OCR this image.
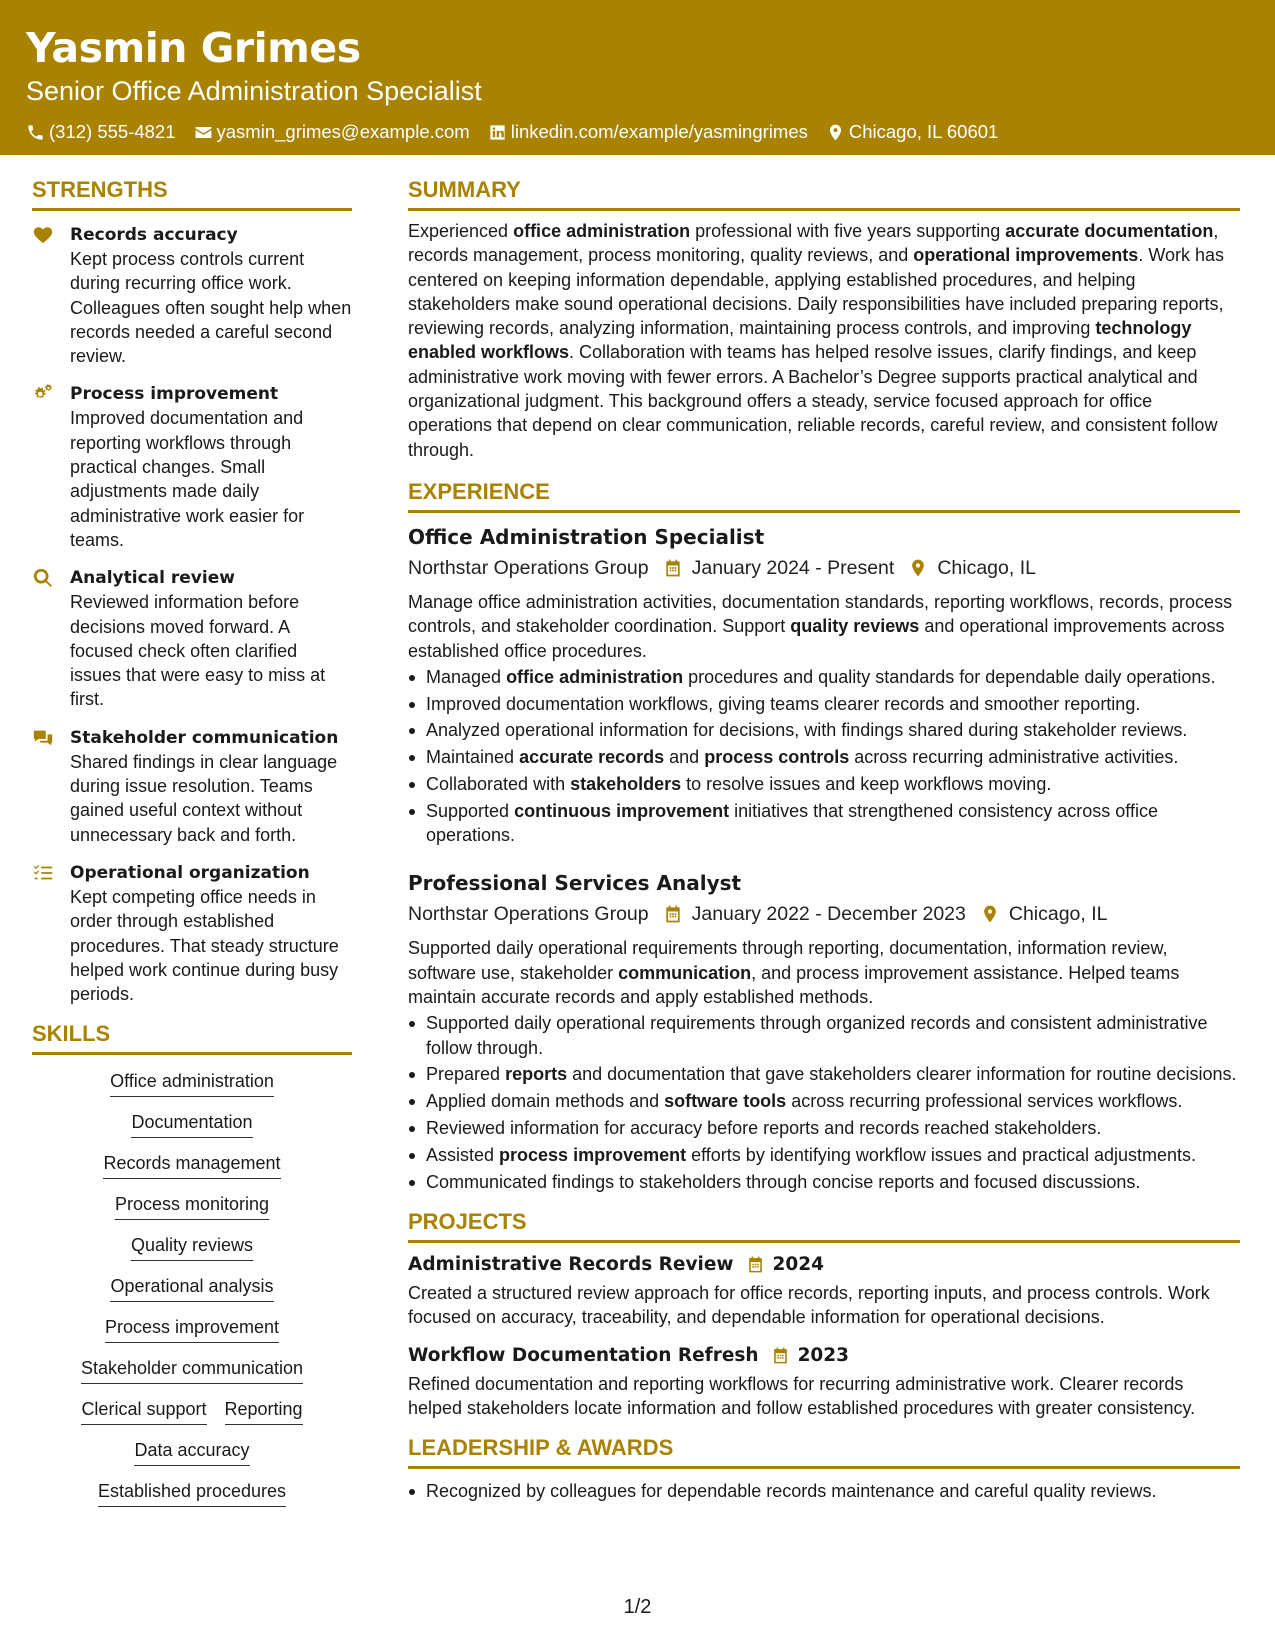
Yasmin Grimes
Senior Office Administration Specialist
(312) 555-4821 yasmin_grimes@example.com linkedin.com/example/yasmingrimes Chicago, IL 60601
STRENGTHS
Records accuracy
Kept process controls current during recurring office work. Colleagues often sought help when records needed a careful second review.
Process improvement
Improved documentation and reporting workflows through practical changes. Small adjustments made daily administrative work easier for teams.
Analytical review
Reviewed information before decisions moved forward. A focused check often clarified issues that were easy to miss at first.
Stakeholder communication
Shared findings in clear language during issue resolution. Teams gained useful context without unnecessary back and forth.
Operational organization
Kept competing office needs in order through established procedures. That steady structure helped work continue during busy periods.
SKILLS
Office administration
Documentation
Records management
Process monitoring
Quality reviews
Operational analysis
Process improvement
Stakeholder communication
Clerical support Reporting
Data accuracy
Established procedures
SUMMARY
Experienced office administration professional with five years supporting accurate documentation, records management, process monitoring, quality reviews, and operational improvements. Work has centered on keeping information dependable, applying established procedures, and helping stakeholders make sound operational decisions. Daily responsibilities have included preparing reports, reviewing records, analyzing information, maintaining process controls, and improving technology enabled workflows. Collaboration with teams has helped resolve issues, clarify findings, and keep administrative work moving with fewer errors. A Bachelor’s Degree supports practical analytical and organizational judgment. This background offers a steady, service focused approach for office operations that depend on clear communication, reliable records, careful review, and consistent follow through.
EXPERIENCE
Office Administration Specialist
Northstar Operations Group January 2024 - Present Chicago, IL
Manage office administration activities, documentation standards, reporting workflows, records, process controls, and stakeholder coordination. Support quality reviews and operational improvements across established office procedures.
Managed office administration procedures and quality standards for dependable daily operations.
Improved documentation workflows, giving teams clearer records and smoother reporting.
Analyzed operational information for decisions, with findings shared during stakeholder reviews.
Maintained accurate records and process controls across recurring administrative activities.
Collaborated with stakeholders to resolve issues and keep workflows moving.
Supported continuous improvement initiatives that strengthened consistency across office operations.
Professional Services Analyst
Northstar Operations Group January 2022 - December 2023 Chicago, IL
Supported daily operational requirements through reporting, documentation, information review, software use, stakeholder communication, and process improvement assistance. Helped teams maintain accurate records and apply established methods.
Supported daily operational requirements through organized records and consistent administrative follow through.
Prepared reports and documentation that gave stakeholders clearer information for routine decisions.
Applied domain methods and software tools across recurring professional services workflows.
Reviewed information for accuracy before reports and records reached stakeholders.
Assisted process improvement efforts by identifying workflow issues and practical adjustments.
Communicated findings to stakeholders through concise reports and focused discussions.
PROJECTS
Administrative Records Review 2024
Created a structured review approach for office records, reporting inputs, and process controls. Work focused on accuracy, traceability, and dependable information for operational decisions.
Workflow Documentation Refresh 2023
Refined documentation and reporting workflows for recurring administrative work. Clearer records helped stakeholders locate information and follow established procedures with greater consistency.
LEADERSHIP & AWARDS
Recognized by colleagues for dependable records maintenance and careful quality reviews.
1/2
